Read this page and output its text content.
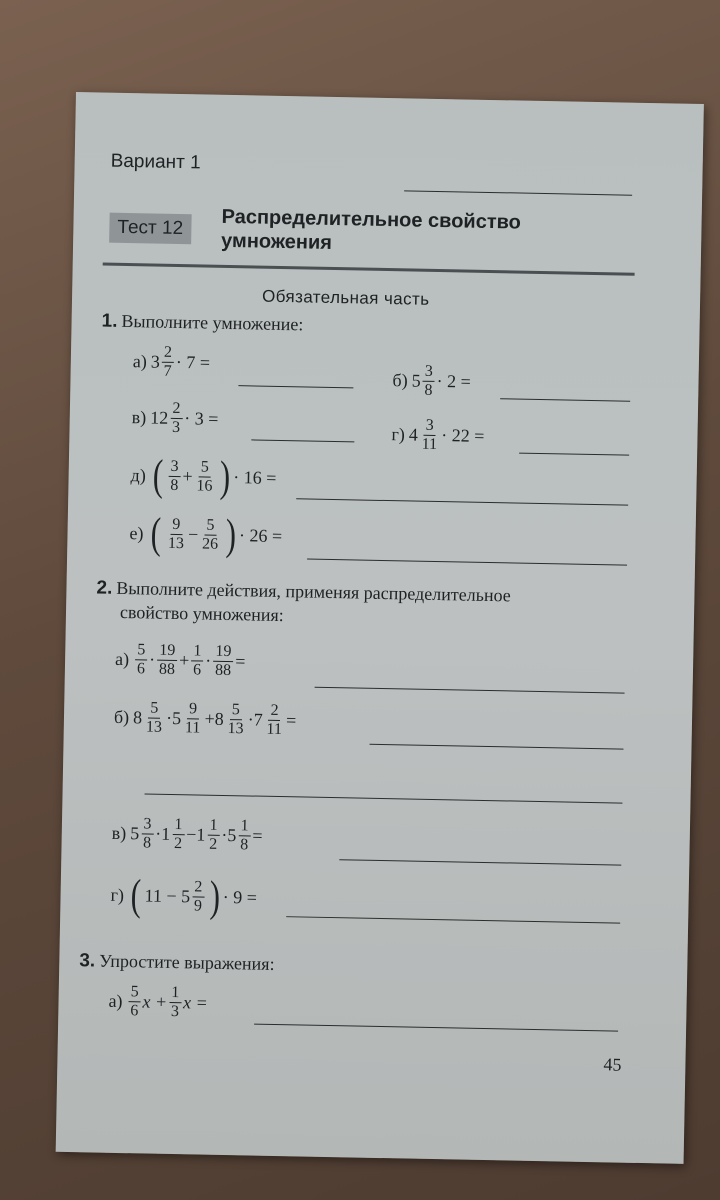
Вариант 1
Тест 12	Распределительное свойство умножения
Обязательная часть
1. Выполните умножение:
а) $3 \frac{2}{7} \cdot 7$ =
б) $5 \frac{3}{8} \cdot 2$ =
в) $12 \frac{2}{3} \cdot 3$ =
г) $4 \frac{3}{11} \cdot 22$ =
д) ( $\frac{3}{8} + \frac{5}{16}$ ) · 16 =
е) ( $\frac{9}{13} - \frac{5}{26}$ ) · 26 =
2. Выполните действия, применяя распределительное
свойство умножения:
$а) \frac{5}{6} \cdot \frac{19}{88} + \frac{1}{6} \cdot \frac{19}{88}$ =
б) $8 \frac{5}{13} \cdot 5 \frac{9}{11} + 8 \frac{5}{13} \cdot 7 \frac{2}{11}$ =
в) $5 \frac{3}{8} \cdot 1 \frac{1}{2} - 1 \frac{1}{2} \cdot 5 \frac{1}{8}$ =
г) ( $11 - 5 \frac{2}{9}$ ) · 9 =
3. Упростите выражения:
$а) \frac{5}{6}$ $x + \frac{1}{3}$ x =
45
